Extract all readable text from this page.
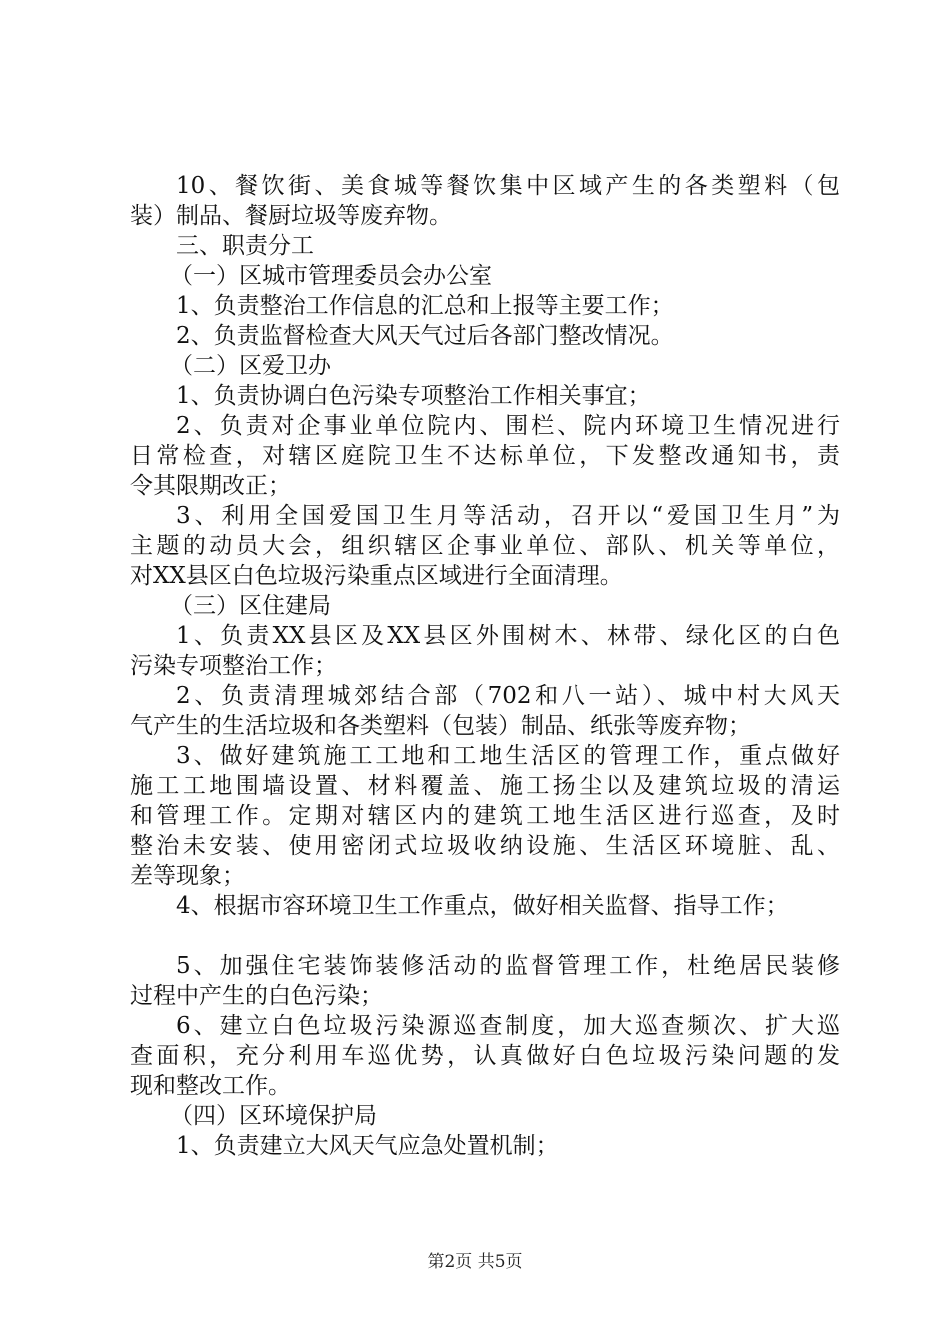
10、餐饮街、美食城等餐饮集中区域产生的各类塑料（包
装）制品、餐厨垃圾等废弃物。
三、职责分工
（一）区城市管理委员会办公室
1、负责整治工作信息的汇总和上报等主要工作；
2、负责监督检查大风天气过后各部门整改情况。
（二）区爱卫办
1、负责协调白色污染专项整治工作相关事宜；
2、负责对企事业单位院内、围栏、院内环境卫生情况进行
日常检查，对辖区庭院卫生不达标单位，下发整改通知书，责
令其限期改正；
3、利用全国爱国卫生月等活动，召开以“爱国卫生月”为
主题的动员大会，组织辖区企事业单位、部队、机关等单位，
对XX县区白色垃圾污染重点区域进行全面清理。
（三）区住建局
1、负责XX县区及XX县区外围树木、林带、绿化区的白色
污染专项整治工作；
2、负责清理城郊结合部（702和八一站）、城中村大风天
气产生的生活垃圾和各类塑料（包装）制品、纸张等废弃物；
3、做好建筑施工工地和工地生活区的管理工作，重点做好
施工工地围墙设置、材料覆盖、施工扬尘以及建筑垃圾的清运
和管理工作。定期对辖区内的建筑工地生活区进行巡查，及时
整治未安装、使用密闭式垃圾收纳设施、生活区环境脏、乱、
差等现象；
4、根据市容环境卫生工作重点，做好相关监督、指导工作；
5、加强住宅装饰装修活动的监督管理工作，杜绝居民装修
过程中产生的白色污染；
6、建立白色垃圾污染源巡查制度，加大巡查频次、扩大巡
查面积，充分利用车巡优势，认真做好白色垃圾污染问题的发
现和整改工作。
（四）区环境保护局
1、负责建立大风天气应急处置机制；
第2页 共5页
